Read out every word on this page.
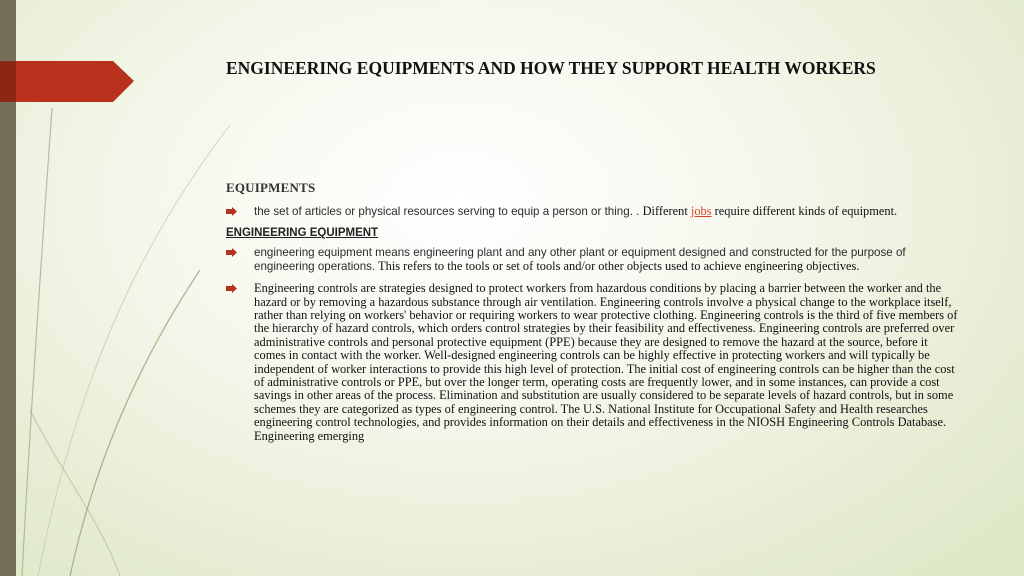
ENGINEERING EQUIPMENTS AND HOW THEY SUPPORT HEALTH WORKERS
EQUIPMENTS
the set of articles or physical resources serving to equip a person or thing. . Different jobs require different kinds of equipment.
ENGINEERING EQUIPMENT
engineering equipment means engineering plant and any other plant or equipment designed and constructed for the purpose of engineering operations. This refers to the tools or set of tools and/or other objects used to achieve engineering objectives.
Engineering controls are strategies designed to protect workers from hazardous conditions by placing a barrier between the worker and the hazard or by removing a hazardous substance through air ventilation. Engineering controls involve a physical change to the workplace itself, rather than relying on workers' behavior or requiring workers to wear protective clothing. Engineering controls is the third of five members of the hierarchy of hazard controls, which orders control strategies by their feasibility and effectiveness. Engineering controls are preferred over administrative controls and personal protective equipment (PPE) because they are designed to remove the hazard at the source, before it comes in contact with the worker. Well-designed engineering controls can be highly effective in protecting workers and will typically be independent of worker interactions to provide this high level of protection. The initial cost of engineering controls can be higher than the cost of administrative controls or PPE, but over the longer term, operating costs are frequently lower, and in some instances, can provide a cost savings in other areas of the process. Elimination and substitution are usually considered to be separate levels of hazard controls, but in some schemes they are categorized as types of engineering control. The U.S. National Institute for Occupational Safety and Health researches engineering control technologies, and provides information on their details and effectiveness in the NIOSH Engineering Controls Database. Engineering emerging
